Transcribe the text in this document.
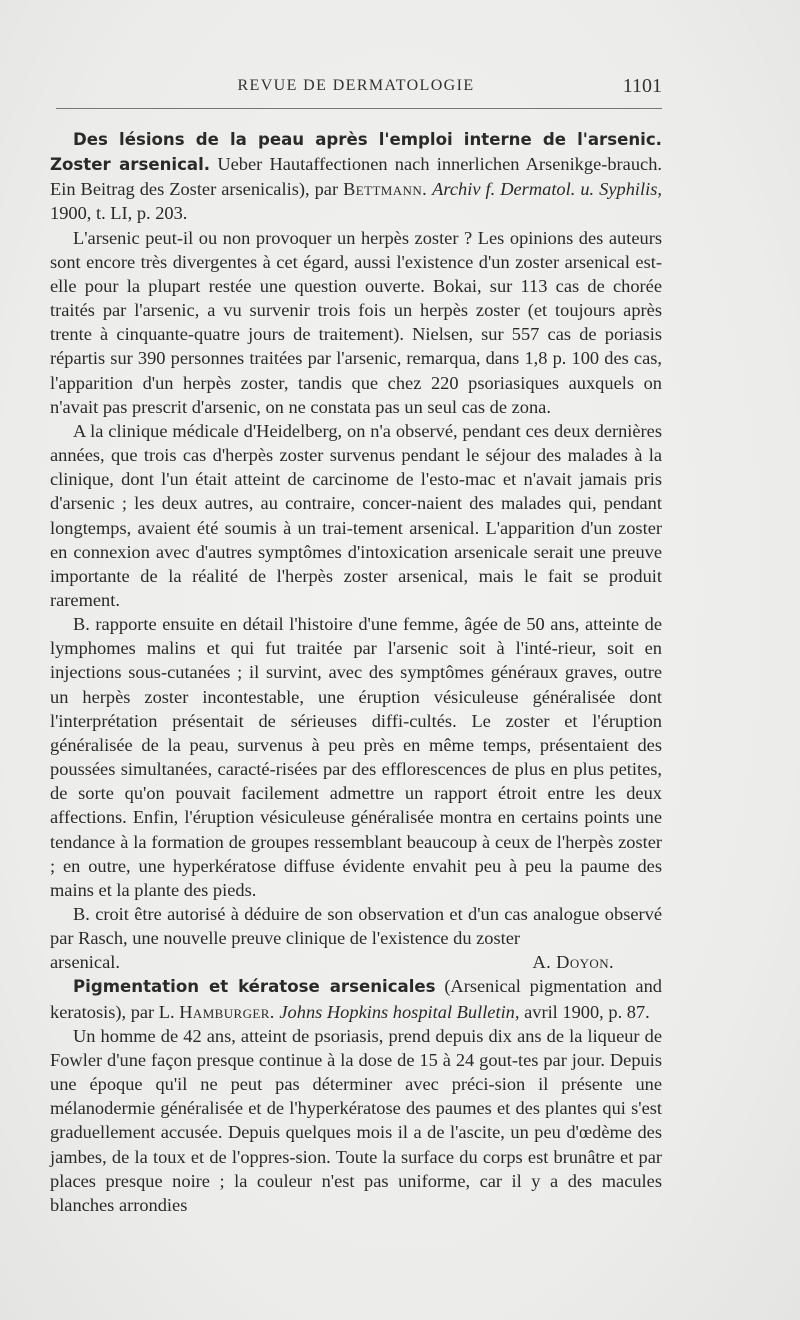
REVUE DE DERMATOLOGIE	1101

Des lésions de la peau après l'emploi interne de l'arsenic. Zoster arsenical. Ueber Hautaffectionen nach innerlichen Arsenikge-brauch. Ein Beitrag des Zoster arsenicalis), par Bettmann. Archiv f. Dermatol. u. Syphilis, 1900, t. LI, p. 203.

L'arsenic peut-il ou non provoquer un herpès zoster ? Les opinions des auteurs sont encore très divergentes à cet égard, aussi l'existence d'un zoster arsenical est-elle pour la plupart restée une question ouverte. Bokai, sur 113 cas de chorée traités par l'arsenic, a vu survenir trois fois un herpès zoster (et toujours après trente à cinquante-quatre jours de traitement). Nielsen, sur 557 cas de poriasis répartis sur 390 personnes traitées par l'arsenic, remarqua, dans 1,8 p. 100 des cas, l'apparition d'un herpès zoster, tandis que chez 220 psoriasiques auxquels on n'avait pas prescrit d'arsenic, on ne constata pas un seul cas de zona.

A la clinique médicale d'Heidelberg, on n'a observé, pendant ces deux dernières années, que trois cas d'herpès zoster survenus pendant le séjour des malades à la clinique, dont l'un était atteint de carcinome de l'esto-mac et n'avait jamais pris d'arsenic ; les deux autres, au contraire, concer-naient des malades qui, pendant longtemps, avaient été soumis à un trai-tement arsenical. L'apparition d'un zoster en connexion avec d'autres symptômes d'intoxication arsenicale serait une preuve importante de la réalité de l'herpès zoster arsenical, mais le fait se produit rarement.

B. rapporte ensuite en détail l'histoire d'une femme, âgée de 50 ans, atteinte de lymphomes malins et qui fut traitée par l'arsenic soit à l'inté-rieur, soit en injections sous-cutanées ; il survint, avec des symptômes généraux graves, outre un herpès zoster incontestable, une éruption vésiculeuse généralisée dont l'interprétation présentait de sérieuses diffi-cultés. Le zoster et l'éruption généralisée de la peau, survenus à peu près en même temps, présentaient des poussées simultanées, caracté-risées par des efflorescences de plus en plus petites, de sorte qu'on pouvait facilement admettre un rapport étroit entre les deux affections. Enfin, l'éruption vésiculeuse généralisée montra en certains points une tendance à la formation de groupes ressemblant beaucoup à ceux de l'herpès zoster ; en outre, une hyperkératose diffuse évidente envahit peu à peu la paume des mains et la plante des pieds.

B. croit être autorisé à déduire de son observation et d'un cas analogue observé par Rasch, une nouvelle preuve clinique de l'existence du zoster

arsenical.	A. Doyon.

Pigmentation et kératose arsenicales (Arsenical pigmentation and keratosis), par L. Hamburger. Johns Hopkins hospital Bulletin, avril 1900, p. 87.

Un homme de 42 ans, atteint de psoriasis, prend depuis dix ans de la liqueur de Fowler d'une façon presque continue à la dose de 15 à 24 gout-tes par jour. Depuis une époque qu'il ne peut pas déterminer avec préci-sion il présente une mélanodermie généralisée et de l'hyperkératose des paumes et des plantes qui s'est graduellement accusée. Depuis quelques mois il a de l'ascite, un peu d'œdème des jambes, de la toux et de l'oppres-sion. Toute la surface du corps est brunâtre et par places presque noire ; la couleur n'est pas uniforme, car il y a des macules blanches arrondies
